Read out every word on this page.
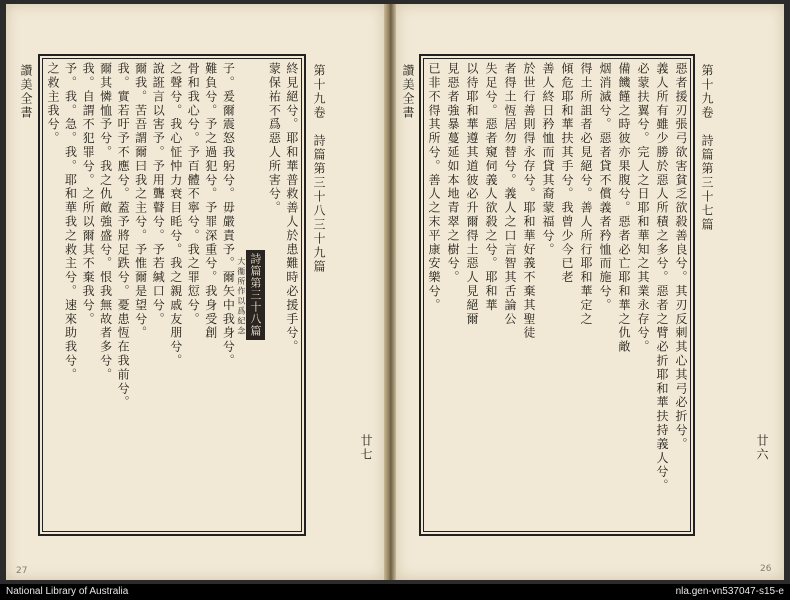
讚美全書	終見絕兮。耶和華普救善人於患難時必援手兮。
蒙保祐不爲惡人所害兮。
詩篇第三十八篇
大衞所作以爲紀念
子。爰爾震怒我躬兮。毋嚴責予。爾矢中我身兮。
難負兮。予之過犯兮。予罪深重兮。我身受創
骨和我心兮。予百體不寧兮。我之罪愆兮。
之聲兮。我心怔忡力衰目眊兮。我之親戚友朋兮。
說誑言以害予。予用聾瞽兮。予若緘口兮。
爾我。苦吾謂爾曰我之主兮。予惟爾是望兮。
我。實若吁予不應兮。蓋予將足跌兮。憂患恆在我前兮。
爾其憐恤予兮。我之仇敵強盛兮。恨我無故者多兮。
我。自謂不犯罪兮。之所以爾其不棄我兮。
予。我。急。我。耶和華我之救主兮。速來助我兮。
之救主我兮。	第十九卷　詩篇第三十八三十九篇
廿七
27
讚美全書	惡者援刃張弓欲害貧乏欲殺善良兮。其刃反刺其心其弓必折兮。
義人所有雖少勝於惡人所積之多兮。惡者之臂必折耶和華扶持義人兮。
必蒙扶翼兮。完人之日耶和華知之其業永存兮。
備饑饉之時彼亦果腹兮。惡者必亡耶和華之仇敵
烟消滅兮。惡者貸不償義者矜恤而施兮。
得土所詛者必見絕兮。善人所行耶和華定之
傾危耶和華扶其手兮。我曾少今已老
善人終日矜恤而貸其裔蒙福兮。
於世行善則得永存兮。耶和華好義不棄其聖徒
者得土恆居勿替兮。義人之口言智其舌論公
失足兮。惡者窺伺義人欲殺之兮。耶和華
以待耶和華遵其道彼必升爾得土惡人見絕爾
見惡者強暴蔓延如本地青翠之樹兮。
已非不得其所兮。善人之末平康安樂兮。	第十九卷　詩篇第三十七篇
廿六
26
National Library of Australia	nla.gen-vn537047-s15-e
